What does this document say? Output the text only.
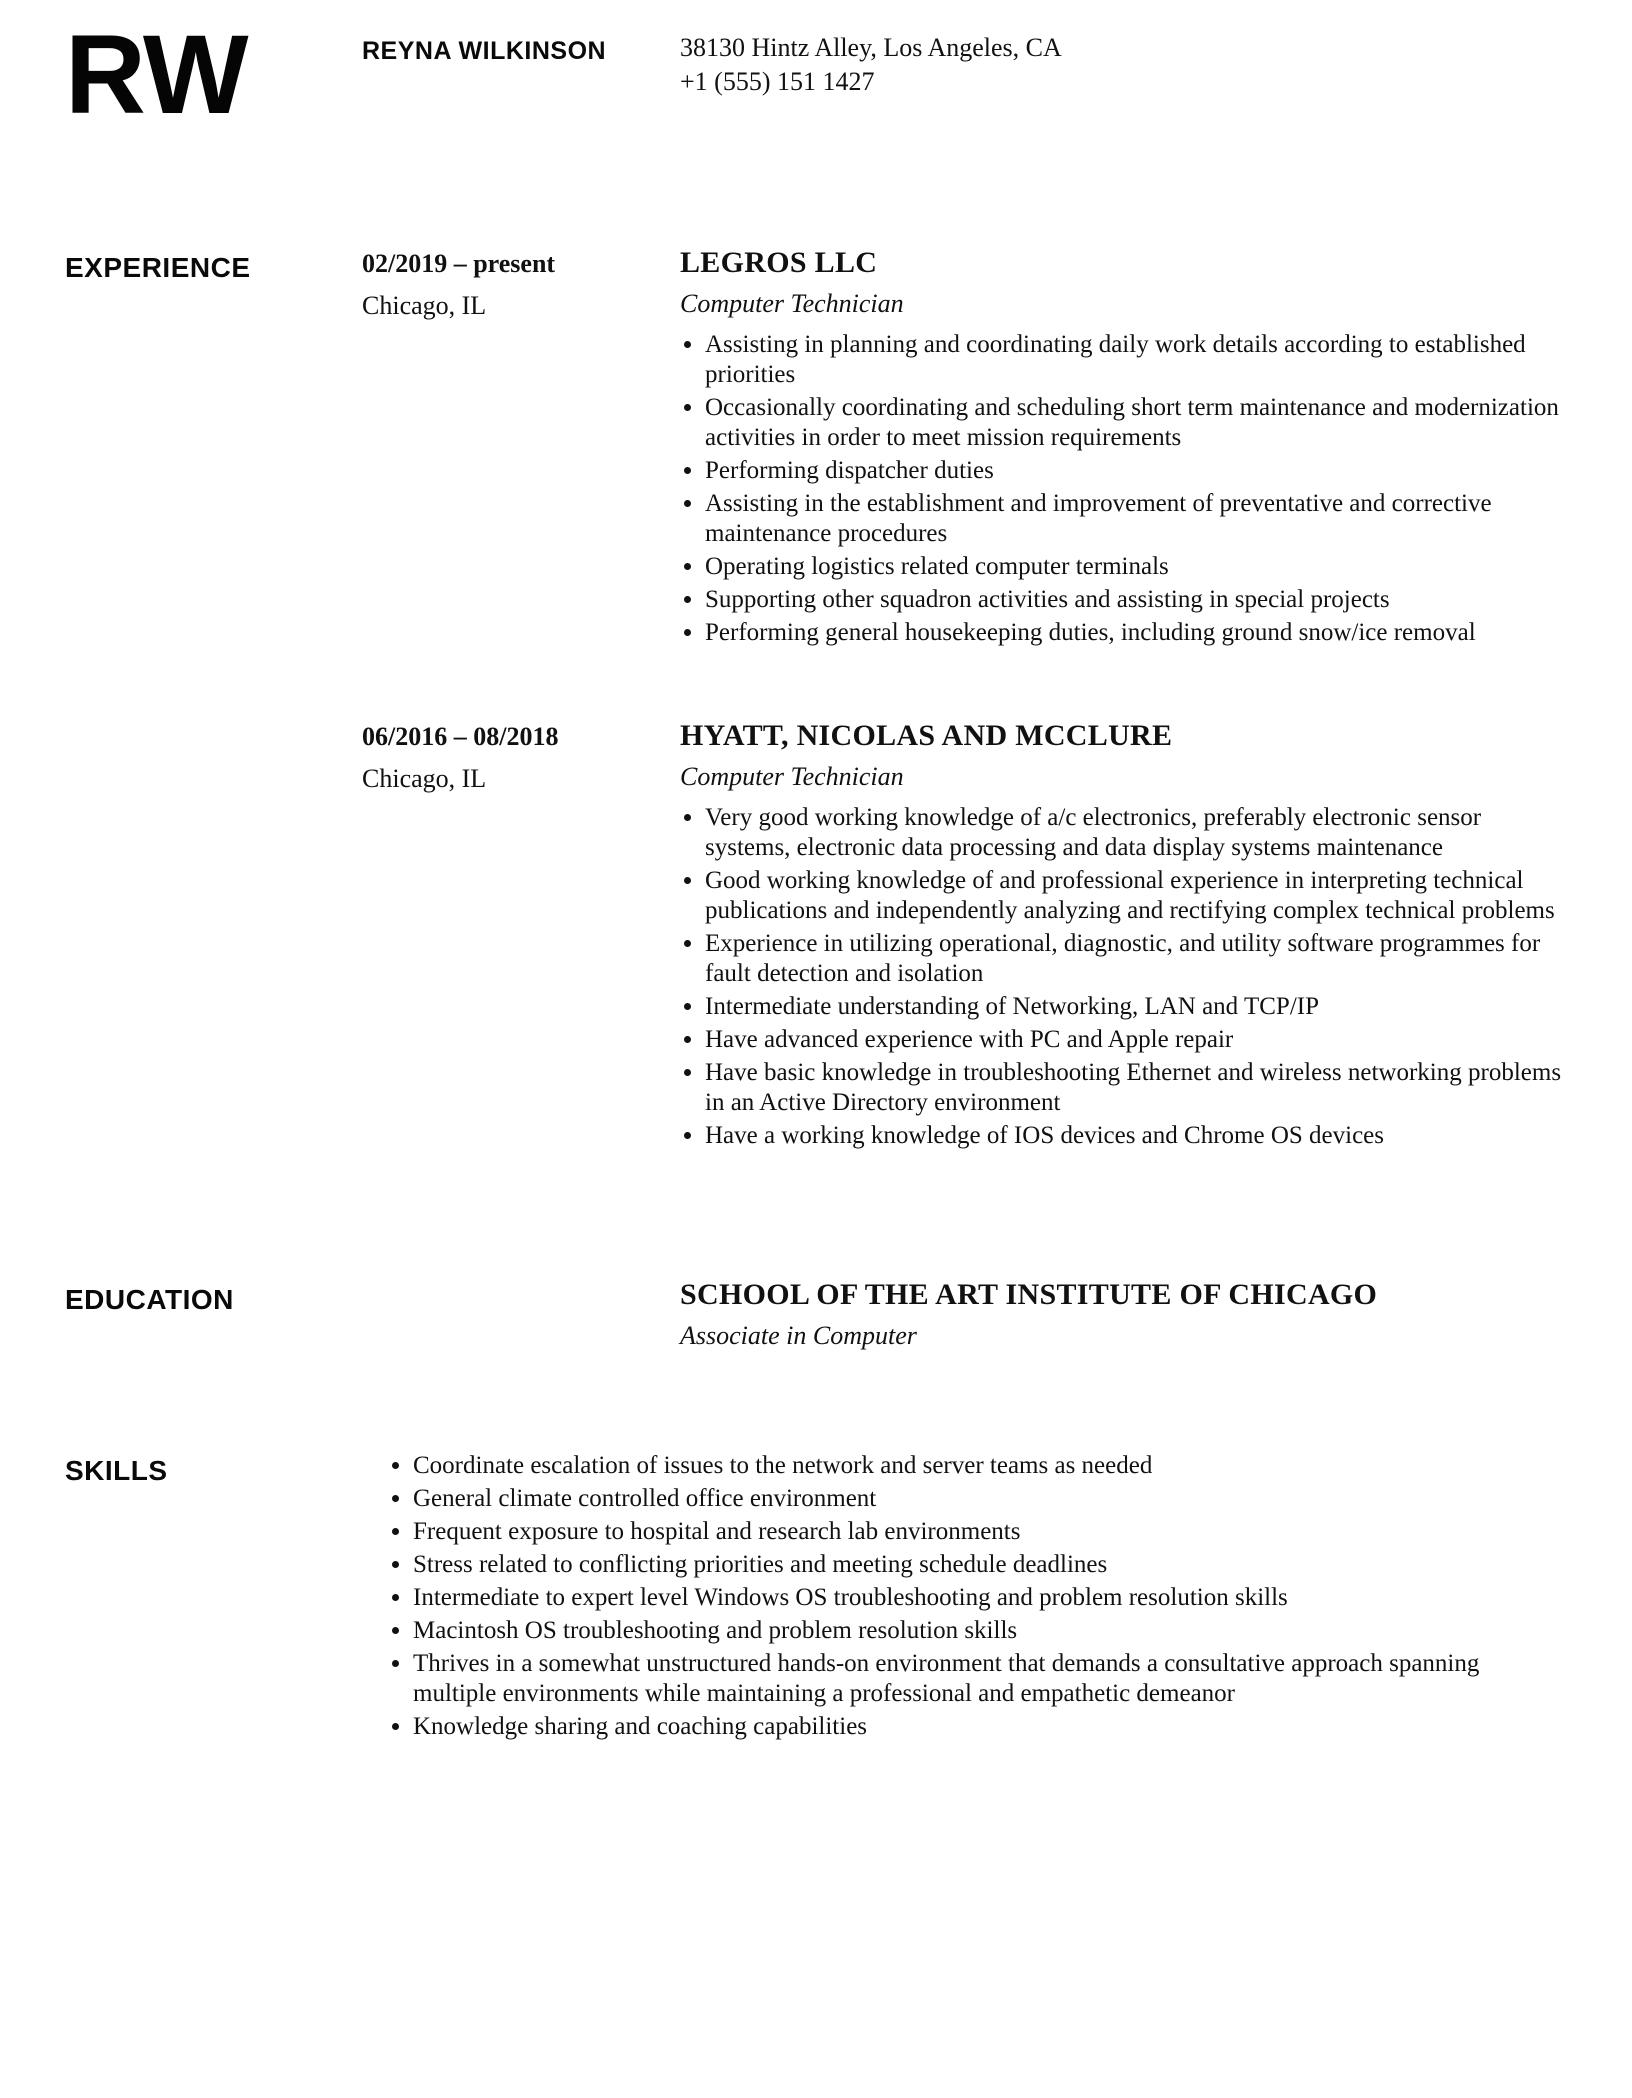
RW	REYNA WILKINSON	38130 Hintz Alley, Los Angeles, CA
+1 (555) 151 1427
EXPERIENCE	02/2019 – present
Chicago, IL
LEGROS LLC
Computer Technician
• Assisting in planning and coordinating daily work details according to established priorities
• Occasionally coordinating and scheduling short term maintenance and modernization activities in order to meet mission requirements
• Performing dispatcher duties
• Assisting in the establishment and improvement of preventative and corrective maintenance procedures
• Operating logistics related computer terminals
• Supporting other squadron activities and assisting in special projects
• Performing general housekeeping duties, including ground snow/ice removal
06/2016 – 08/2018
Chicago, IL
HYATT, NICOLAS AND MCCLURE
Computer Technician
• Very good working knowledge of a/c electronics, preferably electronic sensor systems, electronic data processing and data display systems maintenance
• Good working knowledge of and professional experience in interpreting technical publications and independently analyzing and rectifying complex technical problems
• Experience in utilizing operational, diagnostic, and utility software programmes for fault detection and isolation
• Intermediate understanding of Networking, LAN and TCP/IP
• Have advanced experience with PC and Apple repair
• Have basic knowledge in troubleshooting Ethernet and wireless networking problems in an Active Directory environment
• Have a working knowledge of IOS devices and Chrome OS devices
EDUCATION	SCHOOL OF THE ART INSTITUTE OF CHICAGO
Associate in Computer
SKILLS	• Coordinate escalation of issues to the network and server teams as needed
• General climate controlled office environment
• Frequent exposure to hospital and research lab environments
• Stress related to conflicting priorities and meeting schedule deadlines
• Intermediate to expert level Windows OS troubleshooting and problem resolution skills
• Macintosh OS troubleshooting and problem resolution skills
• Thrives in a somewhat unstructured hands-on environment that demands a consultative approach spanning multiple environments while maintaining a professional and empathetic demeanor
• Knowledge sharing and coaching capabilities
